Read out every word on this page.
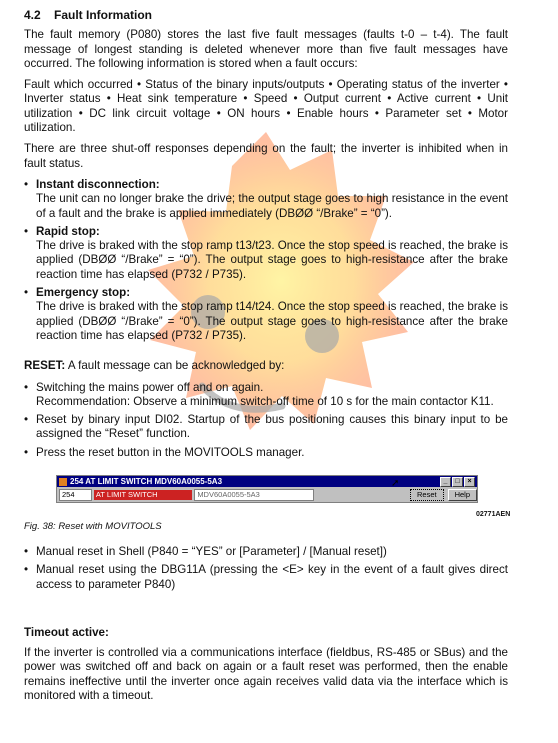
4.2	Fault Information

The fault memory (P080) stores the last five fault messages (faults t-0 – t-4). The fault message of longest standing is deleted whenever more than five fault messages have occurred. The following information is stored when a fault occurs:

Fault which occurred • Status of the binary inputs/outputs • Operating status of the inverter • Inverter status • Heat sink temperature • Speed • Output current • Active current • Unit utilization • DC link circuit voltage • ON hours • Enable hours • Parameter set • Motor utilization.

There are three shut-off responses depending on the fault; the inverter is inhibited when in fault status.

• Instant disconnection:
The unit can no longer brake the drive; the output stage goes to high resistance in the event of a fault and the brake is applied immediately (DBØØ “/Brake” = “0”).
• Rapid stop:
The drive is braked with the stop ramp t13/t23. Once the stop speed is reached, the brake is applied (DBØØ “/Brake” = “0”). The output stage goes to high-resistance after the brake reaction time has elapsed (P732 / P735).
• Emergency stop:
The drive is braked with the stop ramp t14/t24. Once the stop speed is reached, the brake is applied (DBØØ “/Brake” = “0”). The output stage goes to high-resistance after the brake reaction time has elapsed (P732 / P735).

RESET: A fault message can be acknowledged by:

• Switching the mains power off and on again.
Recommendation: Observe a minimum switch-off time of 10 s for the main contactor K11.
• Reset by binary input DI02. Startup of the bus positioning causes this binary input to be assigned the “Reset” function.
• Press the reset button in the MOVITOOLS manager.
254 AT LIMIT SWITCH MDV60A0055-5A3	_	□	×
254	AT LIMIT SWITCH	MDV60A0055-5A3	Reset	Help
➚
02771AEN
Fig. 38: Reset with MOVITOOLS
• Manual reset in Shell (P840 = “YES” or [Parameter] / [Manual reset])
• Manual reset using the DBG11A (pressing the <E> key in the event of a fault gives direct access to parameter P840)
Timeout active:

If the inverter is controlled via a communications interface (fieldbus, RS-485 or SBus) and the power was switched off and back on again or a fault reset was performed, then the enable remains ineffective until the inverter once again receives valid data via the interface which is monitored with a timeout.
